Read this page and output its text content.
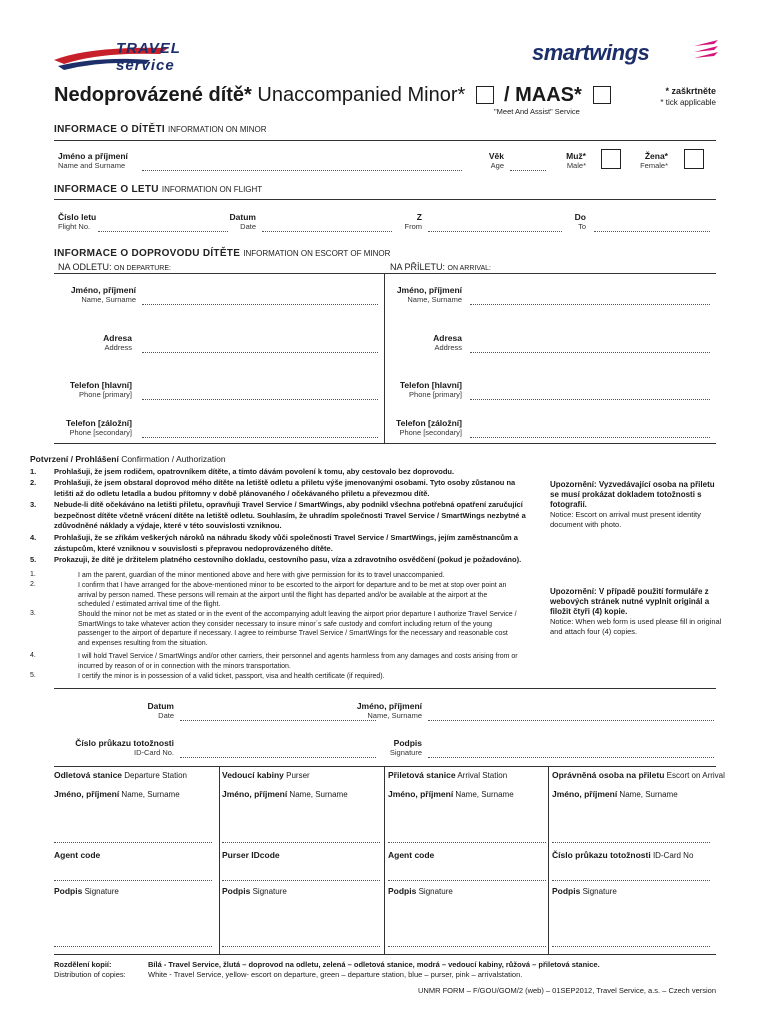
TRAVEL service
smartwings
Nedoprovázené dítě* Unaccompanied Minor* / MAAS*
"Meet And Assist" Service
* zaškrtněte
* tick applicable
INFORMACE O DÍTĚTI INFORMATION ON MINOR
Jméno a příjmení
Name and Surname
Věk
Age
Muž*
Male*
Žena*
Female*
INFORMACE O LETU INFORMATION ON FLIGHT
Číslo letu
Flight No.
Datum
Date
Z
From
Do
To
INFORMACE O DOPROVODU DÍTĚTE INFORMATION ON ESCORT OF MINOR
NA ODLETU: ON DEPARTURE:	NA PŘÍLETU: ON ARRIVAL:
Jméno, příjmení
Name, Surname
Adresa
Address
Telefon [hlavní]
Phone [primary]
Telefon [záložní]
Phone [secondary]
Jméno, příjmení
Name, Surname
Adresa
Address
Telefon [hlavní]
Phone [primary]
Telefon [záložní]
Phone [secondary]
Potvrzení / Prohlášení Confirmation / Authorization
1. Prohlašuji, že jsem rodičem, opatrovníkem dítěte, a tímto dávám povolení k tomu, aby cestovalo bez doprovodu.
2. Prohlašuji, že jsem obstaral doprovod mého dítěte na letiště odletu a přiletu výše jmenovanými osobami. Tyto osoby zůstanou na letišti až do odletu letadla a budou přítomny v době plánovaného / očekávaného přiletu a převezmou dítě.
3. Nebude-li dítě očekáváno na letišti přiletu, opravňuji Travel Service / SmartWings, aby podnikl všechna potřebná opatření zaručující bezpečnost dítěte včetně vrácení dítěte na letiště odletu. Souhlasím, že uhradím společnosti Travel Service / SmartWings nezbytné a zdůvodněné náklady a výdaje, které v této souvislosti vzniknou.
4. Prohlašuji, že se zříkám veškerých nároků na náhradu škody vůči společnosti Travel Service / SmartWings, jejím zaměstnancům a zástupcům, které vzniknou v souvislosti s přepravou nedoprovázeného dítěte.
5. Prokazuji, že dítě je držitelem platného cestovního dokladu, cestovního pasu, víza a zdravotního osvědčení (pokud je požadováno).
Upozornění: Vyzvedávající osoba na přiletu se musí prokázat dokladem totožnosti s fotografií.
Notice: Escort on arrival must present identity document with photo.
1.	I am the parent, guardian of the minor mentioned above and here with give permission for its to travel unaccompanied.
2.	I confirm that I have arranged for the above-mentioned minor to be escorted to the airport for departure and to be met at stop over point an arrival by person named. These persons will remain at the airport until the flight has departed and/or be available at the airport at the scheduled / estimated arrival time of the flight.
3.	Should the minor not be met as stated or in the event of the accompanying adult leaving the airport prior departure I authorize Travel Service / SmartWings to take whatever action they consider necessary to insure minor´s safe custody and comfort including return of the young passenger to the airport of departure if necessary. I agree to reimburse Travel Service / SmartWings for the necessary and reasonable cost and expenses resulting from the situation.
4.	I will hold Travel Service / SmartWings and/or other carriers, their personnel and agents harmless from any damages and costs arising from or incurred by reason of or in connection with the minors transportation.
5.	I certify the minor is in possession of a valid ticket, passport, visa and health certificate (if required).
Upozornění: V případě použití formuláře z webových stránek nutné vyplnit originál a filožit čtyři (4) kopie.
Notice: When web form is used please fill in original and attach four (4) copies.
Datum
Date
Jméno, příjmení
Name, Surname
Číslo průkazu totožnosti
ID-Card No.
Podpis
Signature
Odletová stanice Departure Station
Jméno, příjmení Name, Surname
Agent code
Podpis Signature
Vedoucí kabiny Purser
Jméno, příjmení Name, Surname
Purser IDcode
Podpis Signature
Přiletová stanice Arrival Station
Jméno, příjmení Name, Surname
Agent code
Podpis Signature
Oprávněná osoba na přiletu Escort on Arrival
Jméno, příjmení Name, Surname
Číslo průkazu totožnosti ID-Card No
Podpis Signature
Rozdělení kopií:
Distribution of copies:
Bílá - Travel Service, žlutá – doprovod na odletu, zelená – odletová stanice, modrá – vedoucí kabiny, růžová – přiletová stanice.
White - Travel Service, yellow- escort on departure, green – departure station, blue – purser, pink – arrivalstation.
UNMR FORM – F/GOU/GOM/2 (web) – 01SEP2012, Travel Service, a.s. – Czech version
